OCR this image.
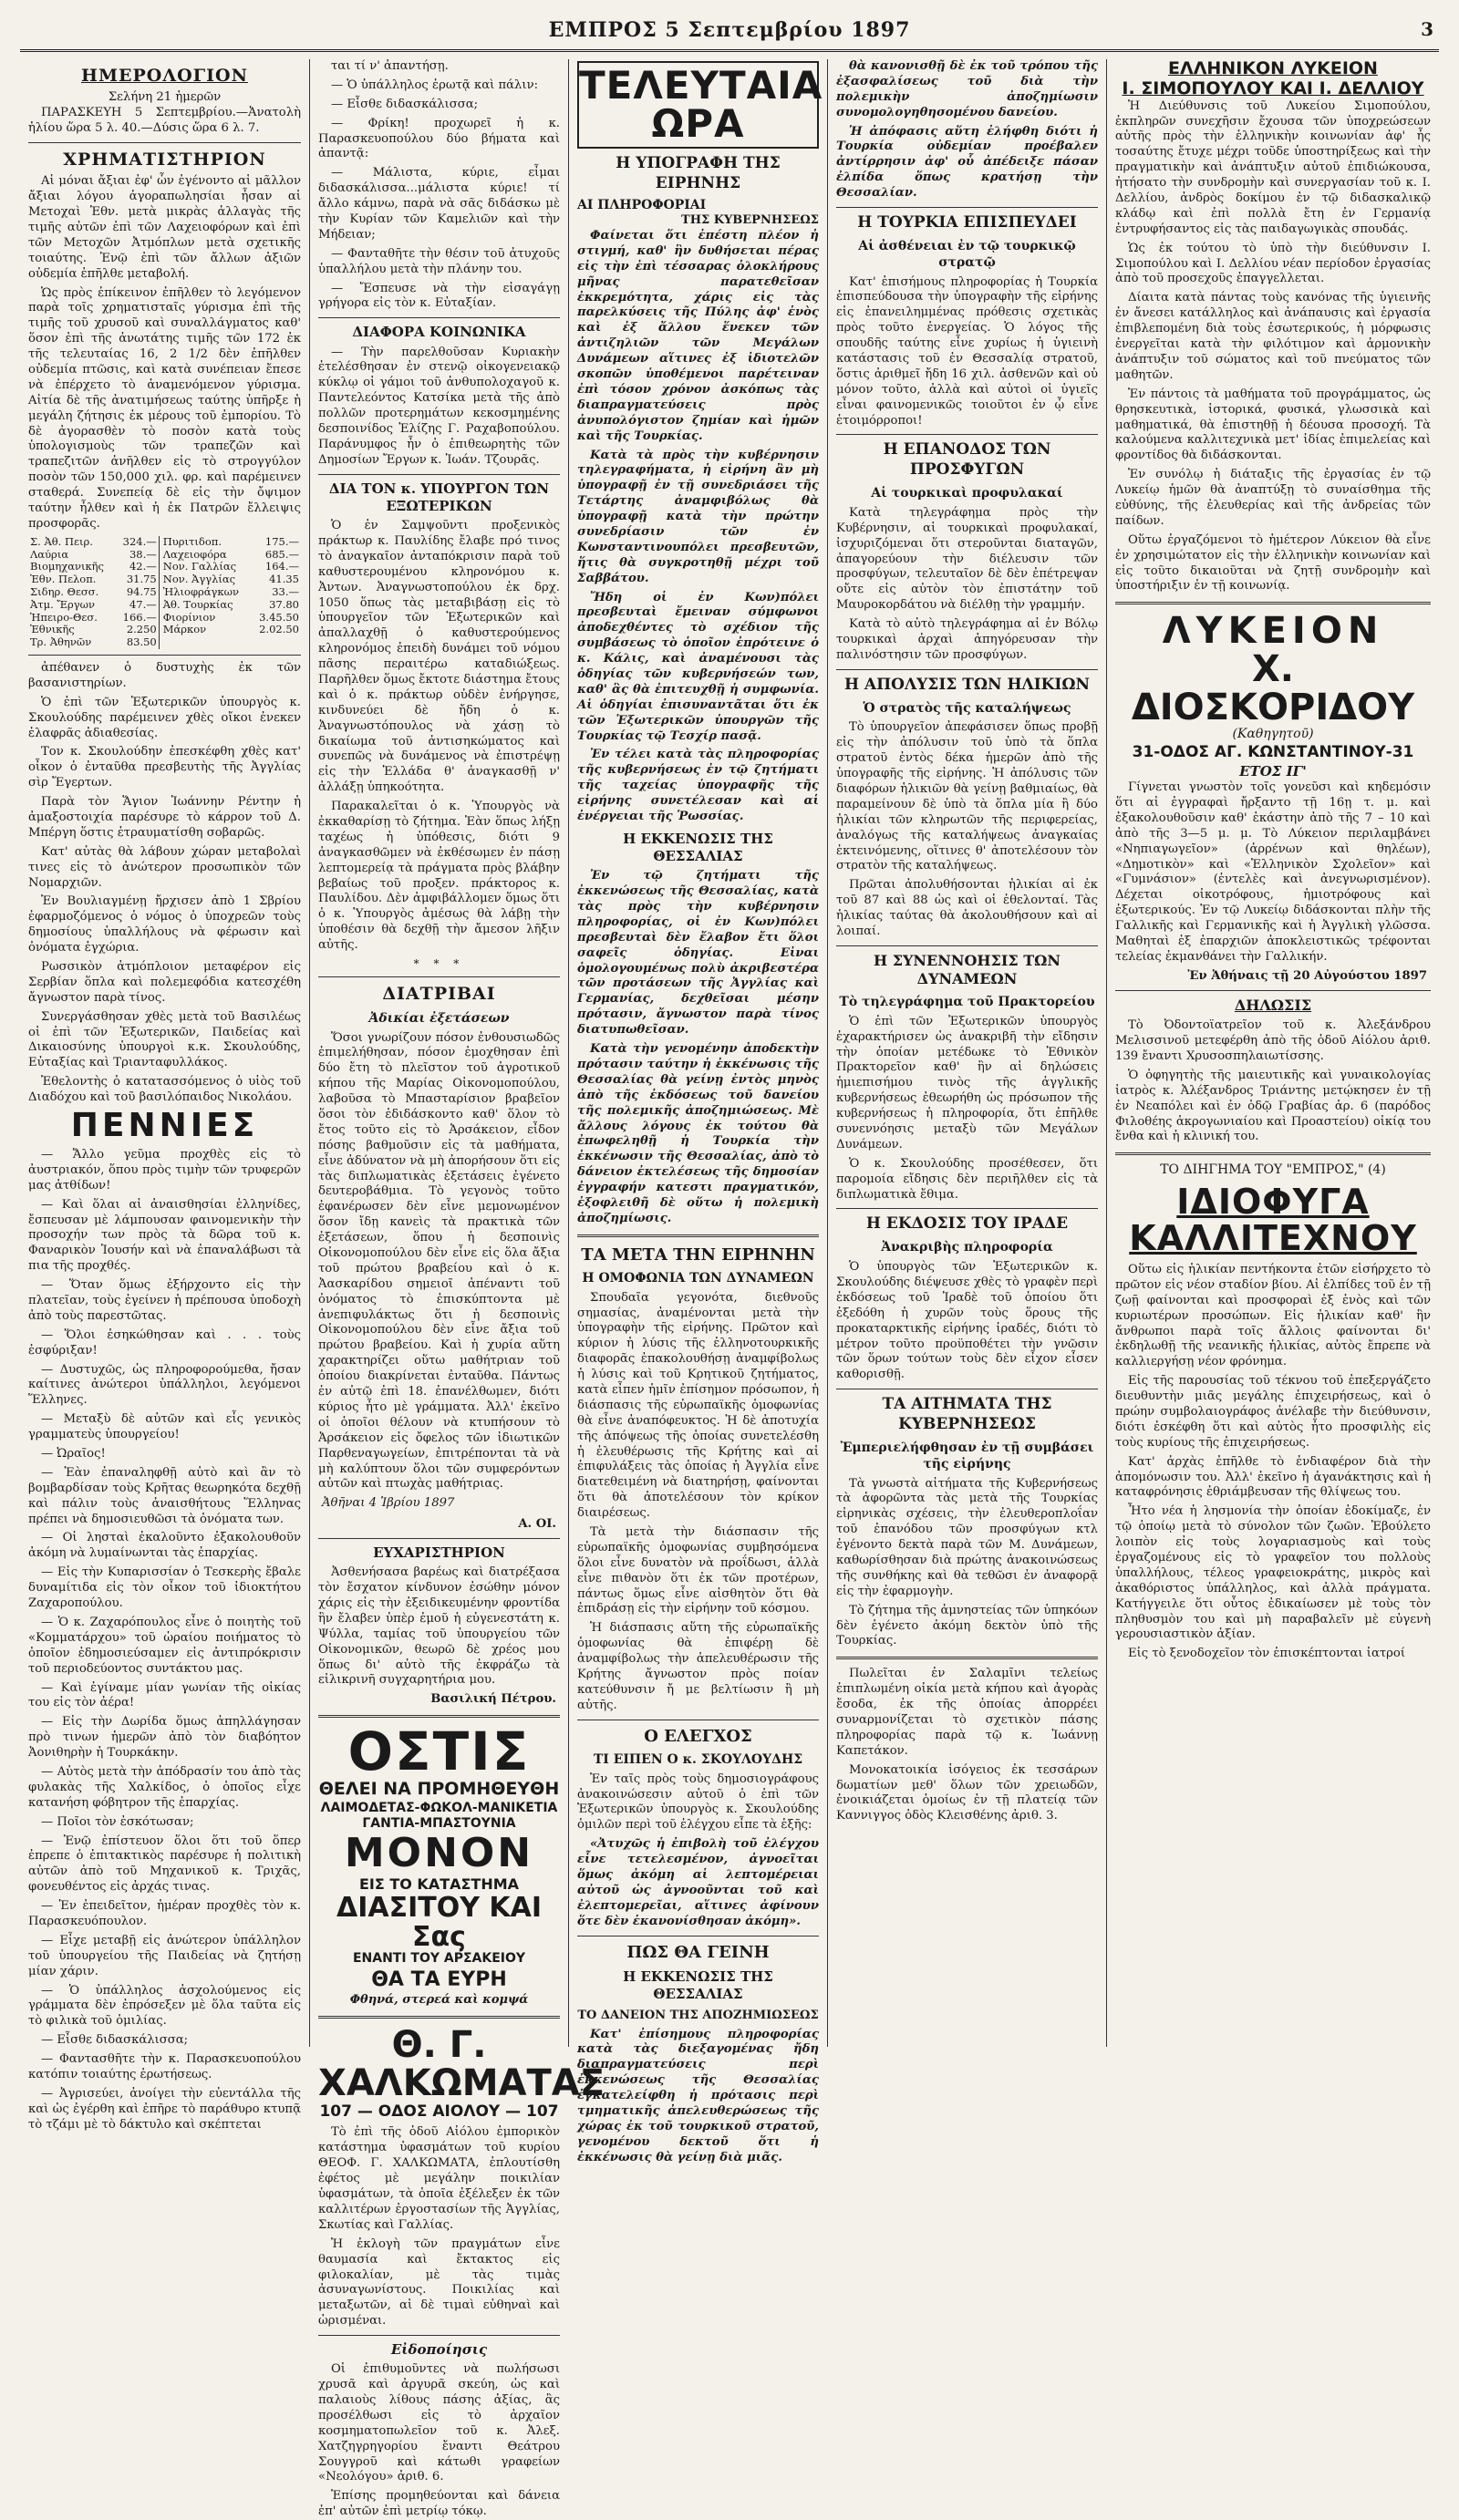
ΕΜΠΡΟΣ 5 Σεπτεμβρίου 1897	3
ΗΜΕΡΟΛΟΓΙΟΝ
Σελήνη 21 ἡμερῶν

ΠΑΡΑΣΚΕΥΗ 5 Σεπτεμβρίου.—Ἀνατολὴ ἡλίου ὥρα 5 λ. 40.—Δύσις ὥρα 6 λ. 7.

ΧΡΗΜΑΤΙΣΤΗΡΙΟΝ

Αἱ μόναι ἄξιαι ἐφ' ὧν ἐγένοντο αἱ μᾶλλον ἄξιαι λόγου ἀγοραπωλησίαι ἦσαν αἱ Μετοχαὶ Ἐθν. μετὰ μικρὰς ἀλλαγὰς τῆς τιμῆς αὐτῶν ἐπὶ τῶν Λαχειοφόρων καὶ ἐπὶ τῶν Μετοχῶν Ἀτμόπλων μετὰ σχετικῆς τοιαύτης. Ἐνῷ ἐπὶ τῶν ἄλλων ἀξιῶν οὐδεμία ἐπῆλθε μεταβολή.

Ὡς πρὸς ἐπίκεινον ἐπῆλθεν τὸ λεγόμενον παρὰ τοῖς χρηματισταῖς γύρισμα ἐπὶ τῆς τιμῆς τοῦ χρυσοῦ καὶ συναλλάγματος καθ' ὅσον ἐπὶ τῆς ἀνωτάτης τιμῆς τῶν 172 ἐκ τῆς τελευταίας 16, 2 1/2 δὲν ἐπῆλθεν οὐδεμία πτῶσις, καὶ κατὰ συνέπειαν ἔπεσε νὰ ἐπέρχετο τὸ ἀναμενόμενον γύρισμα. Αἰτία δὲ τῆς ἀνατιμήσεως ταύτης ὑπῆρξε ἡ μεγάλη ζήτησις ἐκ μέρους τοῦ ἐμπορίου. Τὸ δὲ ἀγορασθὲν τὸ ποσὸν κατὰ τοὺς ὑπολογισμοὺς τῶν τραπεζῶν καὶ τραπεζιτῶν ἀνῆλθεν εἰς τὸ στρογγύλον ποσὸν τῶν 150,000 χιλ. φρ. καὶ παρέμεινεν σταθερά. Συνεπείᾳ δὲ εἰς τὴν ὄψιμον ταύτην ἦλθεν καὶ ἡ ἐκ Πατρῶν ἔλλειψις προσφορᾶς.

Σ. Ἀθ. Πειρ.	324.—	Πυριτιδοπ.	175.—
Λαύρια	38.—	Λαχειοφόρα	685.—
Βιομηχανικῆς	42.—	Νον. Γαλλίας	164.—
Ἐθν. Πελοπ.	31.75	Νον. Ἀγγλίας	41.35
Σιδηρ. Θεσσ.	94.75	Ἠλιοφράγκων	33.—
Ἀτμ. Ἔργων	47.—	Ἀθ. Τουρκίας	37.80
Ἡπειρο-Θεσ.	166.—	Φιορίνιον	3.45.50
Ἐθνικῆς	2.250	Μάρκον	2.02.50
Τρ. Ἀθηνῶν	83.50		

ἀπέθανεν ὁ δυστυχὴς ἐκ τῶν βασανιστηρίων.

Ὁ ἐπὶ τῶν Ἐξωτερικῶν ὑπουργὸς κ. Σκουλούδης παρέμεινεν χθὲς οἴκοι ἐνεκεν ἐλαφρᾶς ἀδιαθεσίας.

Τον κ. Σκουλούδην ἐπεσκέφθη χθὲς κατ' οἶκον ὁ ἐνταῦθα πρεσβευτὴς τῆς Ἀγγλίας σὶρ Ἔγερτων.

Παρὰ τὸν Ἅγιον Ἰωάννην Ρέντην ἡ ἀμαξοστοιχία παρέσυρε τὸ κάρρον τοῦ Δ. Μπέργη ὅστις ἐτραυματίσθη σοβαρῶς.

Κατ' αὐτὰς θὰ λάβουν χώραν μεταβολαὶ τινες εἰς τὸ ἀνώτερον προσωπικὸν τῶν Νομαρχιῶν.

Ἐν Βουλιαγμένῃ ἤρχισεν ἀπὸ 1 Σβρίου ἐφαρμοζόμενος ὁ νόμος ὁ ὑποχρεῶν τοὺς δημοσίους ὑπαλλήλους νὰ φέρωσιν καὶ ὀνόματα ἐγχώρια.

Ρωσσικὸν ἀτμόπλοιον μεταφέρον εἰς Σερβίαν ὅπλα καὶ πολεμεφόδια κατεσχέθη ἄγνωστον παρὰ τίνος.

Συνεργάσθησαν χθὲς μετὰ τοῦ Βασιλέως οἱ ἐπὶ τῶν Ἐξωτερικῶν, Παιδείας καὶ Δικαιοσύνης ὑπουργοὶ κ.κ. Σκουλούδης, Εὐταξίας καὶ Τριανταφυλλάκος.

Ἐθελοντὴς ὁ κατατασσόμενος ὁ υἱὸς τοῦ Διαδόχου καὶ τοῦ βασιλόπαιδος Νικολάου.

ΠΕΝΝΙΕΣ

— Ἄλλο γεῦμα προχθὲς εἰς τὸ ἀυστριακόν, ὅπου πρὸς τιμὴν τῶν τρυφερῶν μας ἀτθίδων!

— Καὶ ὅλαι αἱ ἀναισθησίαι ἑλληνίδες, ἔσπευσαν μὲ λάμπουσαν φαινομενικὴν τὴν προσοχήν των πρὸς τὰ δῶρα τοῦ κ. Φαναρικὸν Ἰουσήν καὶ νὰ ἐπαναλάβωσι τὰ πια τῆς προχθές.

— Ὅταν ὅμως ἐξήρχοντο εἰς τὴν πλατεῖαν, τοὺς ἐγείνεν ἡ πρέπουσα ὑποδοχὴ ἀπὸ τοὺς παρεστῶτας.

— Ὅλοι ἐσηκώθησαν καὶ . . . τοὺς ἐσφύριξαν!

— Δυστυχῶς, ὡς πληροφορούμεθα, ἤσαν καίτινες ἀνώτεροι ὑπάλληλοι, λεγόμενοι Ἕλληνες.

— Μεταξὺ δὲ αὐτῶν καὶ εἷς γενικὸς γραμματεὺς ὑπουργείου!

— Ὠραῖος!

— Ἐὰν ἐπαναληφθῇ αὐτὸ καὶ ἂν τὸ βομβαρδίσαν τοὺς Κρῆτας θεωρηκότα δεχθῇ καὶ πάλιν τοὺς ἀναισθήτους Ἕλληνας πρέπει νὰ δημοσιευθῶσι τὰ ὀνόματα των.

— Οἱ λησταὶ ἐκαλοῦντο ἐξακολουθοῦν ἀκόμη νὰ λυμαίνωνται τὰς ἐπαρχίας.

— Εἰς τὴν Κυπαρισσίαν ὁ Τεσκερὴς ἔβαλε δυναμίτιδα εἰς τὸν οἶκον τοῦ ἰδιοκτήτου Ζαχαροπούλου.

— Ὁ κ. Ζαχαρόπουλος εἶνε ὁ ποιητὴς τοῦ «Κομματάρχου» τοῦ ὡραίου ποιήματος τὸ ὁποῖον ἐδημοσιεύσαμεν εἰς ἀντιπρόκρισιν τοῦ περιοδεύοντος συντάκτου μας.

— Καὶ ἐγίναμε μίαν γωνίαν τῆς οἰκίας του εἰς τὸν ἀέρα!

— Εἰς τὴν Δωρίδα ὅμως ἀπηλλάγησαν πρὸ τινων ἡμερῶν ἀπὸ τὸν διαβόητον Ἀονιθηρὴν ἡ Τουρκάκην.

— Αὐτὸς μετὰ τὴν ἀπόδρασίν του ἀπὸ τὰς φυλακὰς τῆς Χαλκίδος, ὁ ὁποῖος εἶχε κατανήση φόβητρον τῆς ἐπαρχίας.

— Ποῖοι τὸν ἐσκότωσαν;

— Ἐνῷ ἐπίστευον ὅλοι ὅτι τοῦ ὅπερ ἐπρεπε ὁ ἐπιτακτικὸς παρέσυρε ἡ πολιτικὴ αὐτῶν ἀπὸ τοῦ Μηχανικοῦ κ. Τριχᾶς, φονευθέντος εἰς ἀρχάς τινας.

— Ἐν ἐπειδεῖτον, ἡμέραν προχθὲς τὸν κ. Παρασκευόπουλον.

— Εἶχε μεταβῇ εἰς ἀνώτερον ὑπάλληλον τοῦ ὑπουργείου τῆς Παιδείας νὰ ζητήσῃ μίαν χάριν.

— Ὁ ὑπάλληλος ἀσχολούμενος εἰς γράμματα δὲν ἐπρόσεξεν μὲ ὅλα ταῦτα εἰς τὸ φιλικὰ τοῦ ὁμιλίας.

— Εἶσθε διδασκάλισσα;

— Φαντασθῆτε τὴν κ. Παρασκευοπούλου κατόπιν τοιαύτης ἐρωτήσεως.

— Ἀγρισεύει, ἀνοίγει τὴν εὐεντάλλα τῆς καὶ ὡς ἐγέρθη καὶ ἐπῆρε τὸ παράθυρο κτυπᾷ τὸ τζάμι μὲ τὸ δάκτυλο καὶ σκέπτεται

ται τί ν' ἀπαντήσῃ.

— Ὁ ὑπάλληλος ἐρωτᾷ καὶ πάλιν:

— Εἶσθε διδασκάλισσα;

— Φρίκη! προχωρεῖ ἡ κ. Παρασκευοπούλου δύο βήματα καὶ ἀπαντᾷ:

— Μάλιστα, κύριε, εἶμαι διδασκάλισσα...μάλιστα κύριε! τί ἄλλο κάμνω, παρὰ νὰ σᾶς διδάσκω μὲ τὴν Κυρίαν τῶν Καμελιῶν καὶ τὴν Μήδειαν;

— Φανταθῆτε τὴν θέσιν τοῦ ἀτυχοῦς ὑπαλλήλου μετὰ τὴν πλάνην του.

— Ἔσπευσε νὰ τὴν εἰσαγάγῃ γρήγορα εἰς τὸν κ. Εὐταξίαν.

ΔΙΑΦΟΡΑ ΚΟΙΝΩΝΙΚΑ

— Τὴν παρελθοῦσαν Κυριακὴν ἐτελέσθησαν ἐν στενῷ οἰκογενειακῷ κύκλῳ οἱ γάμοι τοῦ ἀνθυπολοχαγοῦ κ. Παντελεόντος Κατσίκα μετὰ τῆς ἀπὸ πολλῶν προτερημάτων κεκοσμημένης δεσποινίδος Ἑλίζης Γ. Ραχαβοπούλου. Παράνυμφος ἦν ὁ ἐπιθεωρητὴς τῶν Δημοσίων Ἔργων κ. Ἰωάν. Τζουρᾶς.

ΔΙΑ ΤΟΝ κ. ΥΠΟΥΡΓΟΝ ΤΩΝ ΕΞΩΤΕΡΙΚΩΝ

Ὁ ἐν Σαμψοῦντι προξενικὸς πράκτωρ κ. Παυλίδης ἔλαβε πρό τινος τὸ ἀναγκαῖον ἀνταπόκρισιν παρὰ τοῦ καθυστερουμένου κληρονόμου κ. Ἀντων. Ἀναγνωστοπούλου ἐκ δρχ. 1050 ὅπως τὰς μεταβιβάσῃ εἰς τὸ ὑπουργεῖον τῶν Ἐξωτερικῶν καὶ ἀπαλλαχθῇ ὁ καθυστερούμενος κληρονόμος ἐπειδὴ δυνάμει τοῦ νόμου πᾶσης περαιτέρω καταδιώξεως. Παρῆλθεν ὅμως ἔκτοτε διάστημα ἔτους καὶ ὁ κ. πράκτωρ οὐδὲν ἐνήργησε, κινδυνεύει δὲ ἤδη ὁ κ. Ἀναγνωστόπουλος νὰ χάσῃ τὸ δικαίωμα τοῦ ἀντισηκώματος καὶ συνεπῶς νὰ δυνάμενος νὰ ἐπιστρέψῃ εἰς τὴν Ἑλλάδα θ' ἀναγκασθῇ ν' ἀλλάξῃ ὑπηκοότητα.

Παρακαλεῖται ὁ κ. Ὑπουργὸς νὰ ἐκκαθαρίσῃ τὸ ζήτημα. Ἐὰν ὅπως λήξῃ ταχέως ἡ ὑπόθεσις, διότι 9 ἀναγκασθῶμεν νὰ ἐκθέσωμεν ἐν πάσῃ λεπτομερείᾳ τὰ πράγματα πρὸς βλάβην βεβαίως τοῦ προξεν. πράκτορος κ. Παυλίδου. Δὲν ἀμφιβάλλομεν ὅμως ὅτι ὁ κ. Ὑπουργὸς ἀμέσως θὰ λάβῃ τὴν ὑποθέσιν θὰ δεχθῇ τὴν ἄμεσον λῆξιν αὐτῆς.

* * *
ΔΙΑΤΡΙΒΑΙ
Ἀδικίαι ἐξετάσεων

Ὅσοι γνωρίζουν πόσον ἐνθουσιωδῶς ἐπιμελήθησαν, πόσον ἐμοχθησαν ἐπὶ δύο ἔτη τὸ πλεῖστον τοῦ ἀγροτικοῦ κήπου τῆς Μαρίας Οἰκονομοπούλου, λαβοῦσα τὸ Μπασταρίσιον βραβεῖον ὅσοι τὸν ἐδιδάσκοντο καθ' ὅλον τὸ ἔτος τοῦτο εἰς τὸ Ἀρσάκειον, εἶδον πόσης βαθμοῦσιν εἰς τὰ μαθήματα, εἶνε ἀδύνατον νὰ μὴ ἀπορήσουν ὅτι εἰς τὰς διπλωματικὰς ἐξετάσεις ἐγένετο δευτεροβάθμια. Τὸ γεγονὸς τοῦτο ἐφανέρωσεν δὲν εἶνε μεμονωμένον ὅσον ἴδῃ κανεὶς τὰ πρακτικὰ τῶν ἐξετάσεων, ὅπου ἡ δεσποινὶς Οἰκονομοπούλου δὲν εἶνε εἰς ὅλα ἄξια τοῦ πρώτου βραβείου καὶ ὁ κ. Ἀασκαρίδου σημειοῖ ἀπέναντι τοῦ ὀνόματος τὸ ἐπισκύπτοντα μὲ ἀνεπιφυλάκτως ὅτι ἡ δεσποινὶς Οἰκονομοπούλου δὲν εἶνε ἄξια τοῦ πρώτου βραβείου. Καὶ ἡ χυρία αὕτη χαρακτηρίζει οὕτω μαθήτριαν τοῦ ὁποίου διακρίνεται ἐνταῦθα. Πάντως ἐν αὐτῷ ἐπὶ 18. ἐπανέλθωμεν, διότι κύριος ἦτο μὲ γράμματα. Ἀλλ' ἐκεῖνο οἱ ὁποῖοι θέλουν νὰ κτυπήσουν τὸ Ἀρσάκειον εἰς ὄφελος τῶν ἰδιωτικῶν Παρθεναγωγείων, ἐπιτρέπονται τὰ νὰ μὴ καλύπτουν ὅλοι τῶν συμφερόντων αὐτῶν καὶ πτωχὰς μαθήτριας.

Ἀθῆναι 4 Ἰβρίου 1897
Α. ΟΙ.
ΕΥΧΑΡΙΣΤΗΡΙΟΝ

Ἀσθενήσασα βαρέως καὶ διατρέξασα τὸν ἔσχατον κίνδυνον ἐσώθην μόνον χάρις εἰς τὴν ἐξειδικευμένην φροντίδα ἣν ἔλαβεν ὑπὲρ ἐμοῦ ἡ εὐγενεστάτη κ. Ψύλλα, ταμίας τοῦ ὑπουργείου τῶν Οἰκονομικῶν, θεωρῶ δὲ χρέος μου ὅπως δι' αὐτὸ τῆς ἐκφράζω τὰ εἰλικρινῆ συγχαρητήρια μου.

Βασιλική Πέτρου.
ΟΣΤΙΣ
ΘΕΛΕΙ ΝΑ ΠΡΟΜΗΘΕΥΘΗ
ΛΑΙΜΟΔΕΤΑΣ-ΦΩΚΟΛ-ΜΑΝΙΚΕΤΙΑ
ΓΑΝΤΙΑ-ΜΠΑΣΤΟΥΝΙΑ
ΜΟΝΟΝ
ΕΙΣ ΤΟ ΚΑΤΑΣΤΗΜΑ
ΔΙΑΣΙΤΟΥ ΚΑΙ Σας
ΕΝΑΝΤΙ ΤΟΥ ΑΡΣΑΚΕΙΟΥ
ΘΑ ΤΑ ΕΥΡΗ
Φθηνά, στερεά καὶ κομψά
Θ. Γ. ΧΑΛΚΩΜΑΤΑΣ
107 — ΟΔΟΣ ΑΙΟΛΟΥ — 107

Τὸ ἐπὶ τῆς ὁδοῦ Αἰόλου ἐμπορικὸν κατάστημα ὑφασμάτων τοῦ κυρίου ΘΕΟΦ. Γ. ΧΑΛΚΩΜΑΤΑ, ἐπλουτίσθη ἐφέτος μὲ μεγάλην ποικιλίαν ὑφασμάτων, τὰ ὁποῖα ἐξέλεξεν ἐκ τῶν καλλιτέρων ἐργοστασίων τῆς Ἀγγλίας, Σκωτίας καὶ Γαλλίας.

Ἡ ἐκλογὴ τῶν πραγμάτων εἶνε θαυμασία καὶ ἔκτακτος εἰς φιλοκαλίαν, μὲ τὰς τιμὰς ἀσυναγωνίστους. Ποικιλίας καὶ μεταξωτῶν, αἱ δὲ τιμαὶ εὐθηναὶ καὶ ὡρισμέναι.

Εἰδοποίησις

Οἱ ἐπιθυμοῦντες νὰ πωλήσωσι χρυσᾶ καὶ ἀργυρᾶ σκεύη, ὡς καὶ παλαιοὺς λίθους πάσης ἀξίας, ἂς προσέλθωσι εἰς τὸ ἀρχαῖον κοσμηματοπωλεῖον τοῦ κ. Ἀλεξ. Χατζηγρηγορίου ἔναντι Θεάτρου Σουγγροῦ καὶ κάτωθι γραφείων «Νεολόγου» ἀριθ. 6.

Ἐπίσης προμηθεύονται καὶ δάνεια ἐπ' αὐτῶν ἐπὶ μετρίῳ τόκῳ.

ΤΕΛΕΥΤΑΙΑ ΩΡΑ
Η ΥΠΟΓΡΑΦΗ ΤΗΣ ΕΙΡΗΝΗΣ
ΑΙ ΠΛΗΡΟΦΟΡΙΑΙ
ΤΗΣ ΚΥΒΕΡΝΗΣΕΩΣ

Φαίνεται ὅτι ἐπέστη πλέον ἡ στιγμή, καθ' ἣν δυθήσεται πέρας εἰς τὴν ἐπὶ τέσσαρας ὁλοκλήρους μῆνας παρατεθεῖσαν ἐκκρεμότητα, χάρις εἰς τὰς παρελκύσεις τῆς Πύλης ἀφ' ἑνὸς καὶ ἐξ ἄλλου ἕνεκεν τῶν ἀντιζηλιῶν τῶν Μεγάλων Δυνάμεων αἵτινες ἐξ ἰδιοτελῶν σκοπῶν ὑποθέμενοι παρέτειναν ἐπὶ τόσον χρόνον ἀσκόπως τὰς διαπραγματεύσεις πρὸς ἀνυπολόγιστον ζημίαν καὶ ἡμῶν καὶ τῆς Τουρκίας.

Κατὰ τὰ πρὸς τὴν κυβέρνησιν τηλεγραφήματα, ἡ εἰρήνη ἂν μὴ ὑπογραφῇ ἐν τῇ συνεδριάσει τῆς Τετάρτης ἀναμφιβόλως θὰ ὑπογραφῇ κατὰ τὴν πρώτην συνεδρίασιν τῶν ἐν Κωνσταντινουπόλει πρεσβευτῶν, ἥτις θὰ συγκροτηθῇ μέχρι τοῦ Σαββάτου.

Ἤδη οἱ ἐν Κων)πόλει πρεσβευταὶ ἔμειναν σύμφωνοι ἀποδεχθέντες τὸ σχέδιον τῆς συμβάσεως τὸ ὁποῖον ἐπρότεινε ὁ κ. Κάλις, καὶ ἀναμένουσι τὰς ὁδηγίας τῶν κυβερνήσεών των, καθ' ἃς θὰ ἐπιτευχθῇ ἡ συμφωνία. Αἱ ὁδηγίαι ἐπισυναντᾶται ὅτι ἐκ τῶν Ἐξωτερικῶν ὑπουργῶν τῆς Τουρκίας τῷ Τεσχίρ πασᾷ.

Ἐν τέλει κατὰ τὰς πληροφορίας τῆς κυβερνήσεως ἐν τῷ ζητήματι τῆς ταχείας ὑπογραφῆς τῆς εἰρήνης συνετέλεσαν καὶ αἱ ἐνέργειαι τῆς Ῥωσσίας.

Η ΕΚΚΕΝΩΣΙΣ ΤΗΣ ΘΕΣΣΑΛΙΑΣ

Ἐν τῷ ζητήματι τῆς ἐκκενώσεως τῆς Θεσσαλίας, κατὰ τὰς πρὸς τὴν κυβέρνησιν πληροφορίας, οἱ ἐν Κων)πόλει πρεσβευταὶ δὲν ἔλαβον ἔτι ὅλοι σαφεῖς ὁδηγίας. Εἰναι ὁμολογουμένως πολὺ ἀκριβεστέρα τῶν προτάσεων τῆς Ἀγγλίας καὶ Γερμανίας, δεχθεῖσαι μέσην πρότασιν, ἄγνωστον παρὰ τίνος διατυπωθεῖσαν.

Κατὰ τὴν γενομένην ἀποδεκτὴν πρότασιν ταύτην ἡ ἐκκένωσις τῆς Θεσσαλίας θὰ γείνῃ ἐντὸς μηνὸς ἀπὸ τῆς ἐκδόσεως τοῦ δανείου τῆς πολεμικῆς ἀποζημιώσεως. Μὲ ἄλλους λόγους ἐκ τούτου θὰ ἐπωφεληθῇ ἡ Τουρκία τὴν ἐκκένωσιν τῆς Θεσσαλίας, ἀπὸ τὸ δάνειον ἐκτελέσεως τῆς δημοσίαν ἐγγραφήν κατεστι πραγματικόν, ἐξοφλειθῆ δὲ οὕτω ἡ πολεμικὴ ἀποζημίωσις.

ΤΑ ΜΕΤΑ ΤΗΝ ΕΙΡΗΝΗΝ
Η ΟΜΟΦΩΝΙΑ ΤΩΝ ΔΥΝΑΜΕΩΝ

Σπουδαῖα γεγονότα, διεθνοῦς σημασίας, ἀναμένονται μετὰ τὴν ὑπογραφὴν τῆς εἰρήνης. Πρῶτον καὶ κύριον ἡ λύσις τῆς ἑλληνοτουρκικῆς διαφορᾶς ἐπακολουθήσῃ ἀναμφίβολως ἡ λύσις καὶ τοῦ Κρητικοῦ ζητήματος, κατὰ εἶπεν ἡμῖν ἐπίσημον πρόσωπον, ἡ διάσπασις τῆς εὐρωπαϊκῆς ὁμοφωνίας θὰ εἶνε ἀναπόφευκτος. Ἡ δὲ ἀποτυχία τῆς ἀπόψεως τῆς ὁποίας συνετελέσθη ἡ ἐλευθέρωσις τῆς Κρήτης καὶ αἱ ἐπιφυλάξεις τὰς ὁποίας ἡ Ἀγγλία εἶνε διατεθειμένη νὰ διατηρήσῃ, φαίνονται ὅτι θὰ ἀποτελέσουν τὸν κρίκον διαιρέσεως.

Τὰ μετὰ τὴν διάσπασιν τῆς εὐρωπαϊκῆς ὁμοφωνίας συμβησόμενα ὅλοι εἶνε δυνατὸν νὰ προΐδωσι, ἀλλὰ εἶνε πιθανὸν ὅτι ἐκ τῶν προτέρων, πάντως ὅμως εἶνε αἰσθητὸν ὅτι θὰ ἐπιδράσῃ εἰς τὴν εἰρήνην τοῦ κόσμου.

Ἡ διάσπασις αὕτη τῆς εὐρωπαϊκῆς ὁμοφωνίας θὰ ἐπιφέρῃ δὲ ἀναμφίβολως τὴν ἀπελευθέρωσιν τῆς Κρήτης ἄγνωστον πρὸς ποίαν κατεύθυνσιν ἤ με βελτίωσιν ἢ μὴ αὐτῆς.

Ο ΕΛΕΓΧΟΣ
ΤΙ ΕΙΠΕΝ Ο κ. ΣΚΟΥΛΟΥΔΗΣ

Ἐν ταῖς πρὸς τοὺς δημοσιογράφους ἀνακοινώσεσιν αὐτοῦ ὁ ἐπὶ τῶν Ἐξωτερικῶν ὑπουργὸς κ. Σκουλούδης ὁμιλῶν περὶ τοῦ ἐλέγχου εἶπε τὰ ἑξῆς:

«Ἀτυχῶς ἡ ἐπιβολὴ τοῦ ἐλέγχου εἶνε τετελεσμένον, ἀγνοεῖται ὅμως ἀκόμη αἱ λεπτομέρειαι αὐτοῦ ὡς ἀγνοοῦνται τοῦ καὶ ἐλεπτομερεῖαι, αἵτινες ἀφίνουν ὅτε δὲν ἐκανονίσθησαν ἀκόμη».

ΠΩΣ ΘΑ ΓΕΙΝΗ
Η ΕΚΚΕΝΩΣΙΣ ΤΗΣ ΘΕΣΣΑΛΙΑΣ
ΤΟ ΔΑΝΕΙΟΝ ΤΗΣ ΑΠΟΖΗΜΙΩΣΕΩΣ

Κατ' ἐπίσημους πληροφορίας κατὰ τὰς διεξαγομένας ἤδη διαπραγματεύσεις περὶ ἐκκενώσεως τῆς Θεσσαλίας ἐγκατελείφθη ἡ πρότασις περὶ τμηματικῆς ἀπελευθερώσεως τῆς χώρας ἐκ τοῦ τουρκικοῦ στρατοῦ, γενομένου δεκτοῦ ὅτι ἡ ἐκκένωσις θὰ γείνῃ διὰ μιᾶς.

θὰ κανονισθῇ δὲ ἐκ τοῦ τρόπου τῆς ἐξασφαλίσεως τοῦ διὰ τὴν πολεμικὴν ἀποζημίωσιν συνομολογηθησομένου δανείου.

Ἡ ἀπόφασις αὕτη ἐλήφθη διότι ἡ Τουρκία οὐδεμίαν προέβαλεν ἀντίρρησιν ἀφ' οὗ ἀπέδειξε πάσαν ἐλπίδα ὅπως κρατήσῃ τὴν Θεσσαλίαν.

Η ΤΟΥΡΚΙΑ ΕΠΙΣΠΕΥΔΕΙ
Αἱ ἀσθένειαι ἐν τῷ τουρκικῷ στρατῷ

Κατ' ἐπισήμους πληροφορίας ἡ Τουρκία ἐπισπεύδουσα τὴν ὑπογραφὴν τῆς εἰρήνης εἰς ἐπανειλημμένας πρόθεσις σχετικὰς πρὸς τοῦτο ἐνεργείας. Ὁ λόγος τῆς σπουδῆς ταύτης εἶνε χυρίως ἡ ὑγιεινὴ κατάστασις τοῦ ἐν Θεσσαλίᾳ στρατοῦ, ὅστις ἀριθμεῖ ἤδη 16 χιλ. ἀσθενῶν καὶ οὐ μόνον τοῦτο, ἀλλὰ καὶ αὐτοὶ οἱ ὑγιεῖς εἶναι φαινομενικῶς τοιοῦτοι ἐν ᾧ εἶνε ἑτοιμόρροποι!

Η ΕΠΑΝΟΔΟΣ ΤΩΝ ΠΡΟΣΦΥΓΩΝ
Αἱ τουρκικαὶ προφυλακαί

Κατὰ τηλεγράφημα πρὸς τὴν Κυβέρνησιν, αἱ τουρκικαὶ προφυλακαί, ἰσχυριζόμεναι ὅτι στεροῦνται διαταγῶν, ἀπαγορεύουν τὴν διέλευσιν τῶν προσφύγων, τελευταῖον δὲ δὲν ἐπέτρεψαν οὔτε εἰς αὐτὸν τὸν ἐπιστάτην τοῦ Μαυροκορδάτου νὰ διέλθῃ τὴν γραμμήν.

Κατὰ τὸ αὐτὸ τηλεγράφημα αἱ ἐν Βόλῳ τουρκικαὶ ἀρχαὶ ἀπηγόρευσαν τὴν παλινόστησιν τῶν προσφύγων.

Η ΑΠΟΛΥΣΙΣ ΤΩΝ ΗΛΙΚΙΩΝ
Ὁ στρατὸς τῆς καταλήψεως

Τὸ ὑπουργεῖον ἀπεφάσισεν ὅπως προβῇ εἰς τὴν ἀπόλυσιν τοῦ ὑπὸ τὰ ὅπλα στρατοῦ ἐντὸς δέκα ἡμερῶν ἀπὸ τῆς ὑπογραφῆς τῆς εἰρήνης. Ἡ ἀπόλυσις τῶν διαφόρων ἡλικιῶν θὰ γείνῃ βαθμιαίως, θὰ παραμείνουν δὲ ὑπὸ τὰ ὅπλα μία ἢ δύο ἡλικίαι τῶν κληρωτῶν τῆς περιφερείας, ἀναλόγως τῆς καταλήψεως ἀναγκαίας ἐκτεινόμενης, οἵτινες θ' ἀποτελέσουν τὸν στρατὸν τῆς καταλήψεως.

Πρῶται ἀπολυθήσονται ἡλικίαι αἱ ἐκ τοῦ 87 καὶ 88 ὡς καὶ οἱ ἐθελονταί. Τὰς ἡλικίας ταύτας θὰ ἀκολουθήσουν καὶ αἱ λοιπαί.

Η ΣΥΝΕΝΝΟΗΣΙΣ ΤΩΝ ΔΥΝΑΜΕΩΝ
Τὸ τηλεγράφημα τοῦ Πρακτορείου

Ὁ ἐπὶ τῶν Ἐξωτερικῶν ὑπουργὸς ἐχαρακτήρισεν ὡς ἀνακριβῆ τὴν εἴδησιν τὴν ὁποίαν μετέδωκε τὸ Ἑθνικὸν Πρακτορεῖον καθ' ἣν αἱ δηλώσεις ἡμιεπισήμου τινὸς τῆς ἀγγλικῆς κυβερνήσεως ἐθεωρήθη ὡς πρόσωπον τῆς κυβερνήσεως ἡ πληροφορία, ὅτι ἐπῆλθε συνεννόησις μεταξὺ τῶν Μεγάλων Δυνάμεων.

Ὁ κ. Σκουλούδης προσέθεσεν, ὅτι παρομοία εἴδησις δὲν περιῆλθεν εἰς τὰ διπλωματικὰ ἔθιμα.

Η ΕΚΔΟΣΙΣ ΤΟΥ ΙΡΑΔΕ
Ἀνακριβὴς πληροφορία

Ὁ ὑπουργὸς τῶν Ἐξωτερικῶν κ. Σκουλούδης διέψευσε χθὲς τὸ γραφὲν περὶ ἐκδόσεως τοῦ Ἰραδὲ τοῦ ὁποίου ὅτι ἐξεδόθη ἡ χυρῶν τοὺς ὅρους τῆς προκαταρκτικῆς εἰρήνης ἰραδές, διότι τὸ μέτρον τοῦτο προϋποθέτει τὴν γνῶσιν τῶν ὅρων τούτων τοὺς δὲν εἶχον εἶσεν καθορισθῇ.

ΤΑ ΑΙΤΗΜΑΤΑ ΤΗΣ ΚΥΒΕΡΝΗΣΕΩΣ
Ἐμπεριελήφθησαν ἐν τῇ συμβάσει τῆς εἰρήνης

Τὰ γνωστὰ αἰτήματα τῆς Κυβερνήσεως τὰ ἀφορῶντα τὰς μετὰ τῆς Τουρκίας εἰρηνικὰς σχέσεις, τὴν ἐλευθεροπλοΐαν τοῦ ἐπανόδου τῶν προσφύγων κτλ ἐγένοντο δεκτὰ παρὰ τῶν Μ. Δυνάμεων, καθωρίσθησαν διὰ πρώτης ἀνακοινώσεως τῆς συνθήκης καὶ θὰ τεθῶσι ἐν ἀναφορᾷ εἰς τὴν ἐφαρμογὴν.

Τὸ ζήτημα τῆς ἀμνηστείας τῶν ὑπηκόων δὲν ἐγένετο ἀκόμη δεκτὸν ὑπὸ τῆς Τουρκίας.

Πωλεῖται ἐν Σαλαμῖνι τελείως ἐπιπλωμένη οἰκία μετὰ κήπου καὶ ἀγορὰς ἔσοδα, ἐκ τῆς ὁποίας ἀπορρέει συναρμονίζεται τὸ σχετικὸν πάσης πληροφορίας παρὰ τῷ κ. Ἰωάννῃ Καπετάκον.

Μονοκατοικία ἰσόγειος ἐκ τεσσάρων δωματίων μεθ' ὅλων τῶν χρειωδῶν, ἐνοικιάζεται ὁμοίως ἐν τῇ πλατείᾳ τῶν Καννιγγος ὁδὸς Κλεισθένης ἀριθ. 3.

ΕΛΛΗΝΙΚΟΝ ΛΥΚΕΙΟΝ
Ι. ΣΙΜΟΠΟΥΛΟΥ ΚΑΙ Ι. ΔΕΛΛΙΟΥ

Ἡ Διεύθυνσις τοῦ Λυκείου Σιμοπούλου, ἐκπληρῶν συνεχῆσιν ἔχουσα τῶν ὑποχρεώσεων αὐτῆς πρὸς τὴν ἑλληνικὴν κοινωνίαν ἀφ' ἧς τοσαύτης ἔτυχε μέχρι τοῦδε ὑποστηρίξεως καὶ τὴν πραγματικὴν καὶ ἀνάπτυξιν αὐτοῦ ἐπιδιώκουσα, ἠτήσατο τὴν συνδρομὴν καὶ συνεργασίαν τοῦ κ. Ι. Δελλίου, ἀνδρὸς δοκίμου ἐν τῷ διδασκαλικῷ κλάδῳ καὶ ἐπὶ πολλὰ ἔτη ἐν Γερμανίᾳ ἐντρυφήσαντος εἰς τὰς παιδαγωγικὰς σπουδάς.

Ὡς ἐκ τούτου τὸ ὑπὸ τὴν διεύθυνσιν Ι. Σιμοπούλου καὶ Ι. Δελλίου νέαν περίοδον ἐργασίας ἀπὸ τοῦ προσεχοῦς ἐπαγγελλεται.

Δίαιτα κατὰ πάντας τοὺς κανόνας τῆς ὑγιεινῆς ἐν ἄνεσει κατάλληλος καὶ ἀνάπαυσις καὶ ἐργασία ἐπιβλεπομένη διὰ τοὺς ἐσωτερικούς, ἡ μόρφωσις ἐνεργεῖται κατὰ τὴν φιλότιμον καὶ ἀρμονικὴν ἀνάπτυξιν τοῦ σώματος καὶ τοῦ πνεύματος τῶν μαθητῶν.

Ἐν πάντοις τὰ μαθήματα τοῦ προγράμματος, ὡς θρησκευτικὰ, ἱστορικά, φυσικά, γλωσσικὰ καὶ μαθηματικά, θὰ ἐπιστηθῇ ἡ δέουσα προσοχή. Τὰ καλούμενα καλλιτεχνικὰ μετ' ἰδίας ἐπιμελείας καὶ φροντίδος θὰ διδάσκονται.

Ἐν συνόλῳ ἡ διάταξις τῆς ἐργασίας ἐν τῷ Λυκείῳ ἡμῶν θὰ ἀναπτύξῃ τὸ συναίσθημα τῆς εὐθύνης, τῆς ἐλευθερίας καὶ τῆς ἀνδρείας τῶν παίδων.

Οὕτω ἐργαζόμενοι τὸ ἡμέτερον Λύκειον θὰ εἶνε ἐν χρησιμώτατον εἰς τὴν ἑλληνικὴν κοινωνίαν καὶ εἰς τοῦτο δικαιοῦται νὰ ζητῇ συνδρομὴν καὶ ὑποστήριξιν ἐν τῇ κοινωνίᾳ.

ΛΥΚΕΙΟΝ
Χ. ΔΙΟΣΚΟΡΙΔΟΥ
(Καθηγητοῦ)
31-ΟΔΟΣ ΑΓ. ΚΩΝΣΤΑΝΤΙΝΟΥ-31
ΕΤΟΣ ΙΓ'

Γίγνεται γνωστὸν τοῖς γονεῦσι καὶ κηδεμόσιν ὅτι αἱ ἐγγραφαὶ ἤρξαντο τῇ 16ῃ τ. μ. καὶ ἐξακολουθοῦσιν καθ' ἑκάστην ἀπὸ τῆς 7 – 10 καὶ ἀπὸ τῆς 3—5 μ. μ. Τὸ Λύκειον περιλαμβάνει «Νηπιαγωγεῖον» (ἀρρένων καὶ θηλέων), «Δημοτικὸν» καὶ «Ἑλληνικὸν Σχολεῖον» καὶ «Γυμνάσιον» (ἐντελὲς καὶ ἀνεγνωρισμένον). Δέχεται οἰκοτρόφους, ἡμιοτρόφους καὶ ἐξωτερικούς. Ἐν τῷ Λυκείῳ διδάσκονται πλὴν τῆς Γαλλικῆς καὶ Γερμανικῆς καὶ ἡ Ἀγγλικὴ γλῶσσα. Μαθηταὶ ἐξ ἐπαρχιῶν ἀποκλειστικῶς τρέφονται τελείας ἐκμανθάνει τὴν Γαλλικήν.

Ἐν Ἀθήναις τῇ 20 Αὐγούστου 1897
ΔΗΛΩΣΙΣ

Τὸ Ὀδοντοϊατρεῖον τοῦ κ. Ἀλεξάνδρου Μελισσινοῦ μετεφέρθη ἀπὸ τῆς ὁδοῦ Αἰόλου ἀριθ. 139 ἔναντι Χρυσοσπηλαιωτίσσης.

Ὁ ὀφηγητὴς τῆς μαιευτικῆς καὶ γυναικολογίας ἰατρὸς κ. Ἀλέξανδρος Τριάντης μετῴκησεν ἐν τῇ ἐν Νεαπόλει καὶ ἐν ὁδῷ Γραβίας ἀρ. 6 (παρόδος Φιλοθέης ἀκρογωνιαίου καὶ Προαστείου) οἰκίᾳ του ἔνθα καὶ ἡ κλινική του.

ΤΟ ΔΙΗΓΗΜΑ ΤΟΥ "ΕΜΠΡΟΣ," (4)
ΙΔΙΟΦΥΓΑ ΚΑΛΛΙΤΕΧΝΟΥ

Οὕτω εἰς ἡλικίαν πεντήκοντα ἐτῶν εἰσήρχετο τὸ πρῶτον εἰς νέον σταδίον βίου. Αἱ ἐλπίδες τοῦ ἐν τῇ ζωῇ φαίνονται καὶ προσφοραὶ ἐξ ἑνὸς καὶ τῶν κυριωτέρων προσώπων. Εἰς ἡλικίαν καθ' ἣν ἄνθρωποι παρὰ τοῖς ἄλλοις φαίνονται δι' ἐκδηλωθῇ τῆς νεανικῆς ἡλικίας, αὐτὸς ἔπρεπε νὰ καλλιεργήσῃ νέον φρόνημα.

Εἰς τῆς παρουσίας τοῦ τέκνου τοῦ ἐπεξεργάζετο διευθυντὴν μιᾶς μεγάλης ἐπιχειρήσεως, καὶ ὁ πρώην συμβολαιογράφος ἀνέλαβε τὴν διεύθυνσιν, διότι ἐσκέφθη ὅτι καὶ αὐτὸς ἦτο προσφιλὴς εἰς τοὺς κυρίους τῆς ἐπιχειρήσεως.

Κατ' ἀρχὰς ἐπῆλθε τὸ ἐνδιαφέρον διὰ τὴν ἀπομόνωσιν του. Ἀλλ' ἐκεῖνο ἡ ἀγανάκτησις καὶ ἡ καταφρόνησις ἐθριάμβευσαν τῆς θλίψεως του.

Ἦτο νέα ἡ λησμονία τὴν ὁποίαν ἐδοκίμαζε, ἐν τῷ ὁποίῳ μετὰ τὸ σύνολον τῶν ζωῶν. Ἐβούλετο λοιπὸν εἰς τοὺς λογαριασμοὺς καὶ τοὺς ἐργαζομένους εἰς τὸ γραφεῖον του πολλοὺς ὑπαλλήλους, τέλεος γραφειοκράτης, μικρὸς καὶ ἀκαθόριστος ὑπάλληλος, καὶ ἀλλὰ πράγματα. Κατήγγειλε ὅτι οὗτος ἐδικαίωσεν μὲ τοὺς τὸν πληθυσμὸν του καὶ μὴ παραβαλεῖν μὲ εὐγενὴ γερουσιαστικὸν ἀξίαν.

Εἰς τὸ ξενοδοχεῖον τὸν ἐπισκέπτονται ἰατροί
